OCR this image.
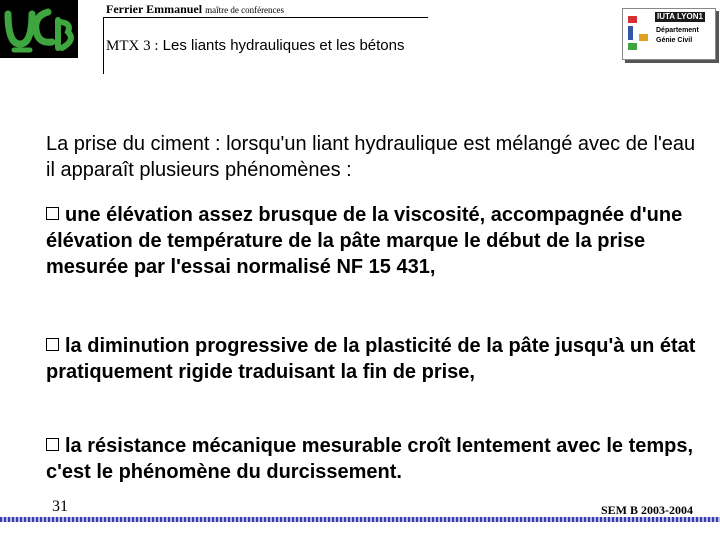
Ferrier Emmanuel maître de conférences
MTX 3 : Les liants hydrauliques et les bétons
IUTA LYON1
Département
Génie Civil
La prise du ciment : lorsqu'un liant hydraulique est mélangé avec de l'eau il apparaît plusieurs phénomènes :
une élévation assez brusque de la viscosité, accompagnée d'une élévation de température de la pâte marque le début de la prise mesurée par l'essai normalisé NF 15 431,
la diminution progressive de la plasticité de la pâte jusqu'à un état pratiquement rigide traduisant la fin de prise,
la résistance mécanique mesurable croît lentement avec le temps, c'est le phénomène du durcissement.
31	SEM B 2003-2004
